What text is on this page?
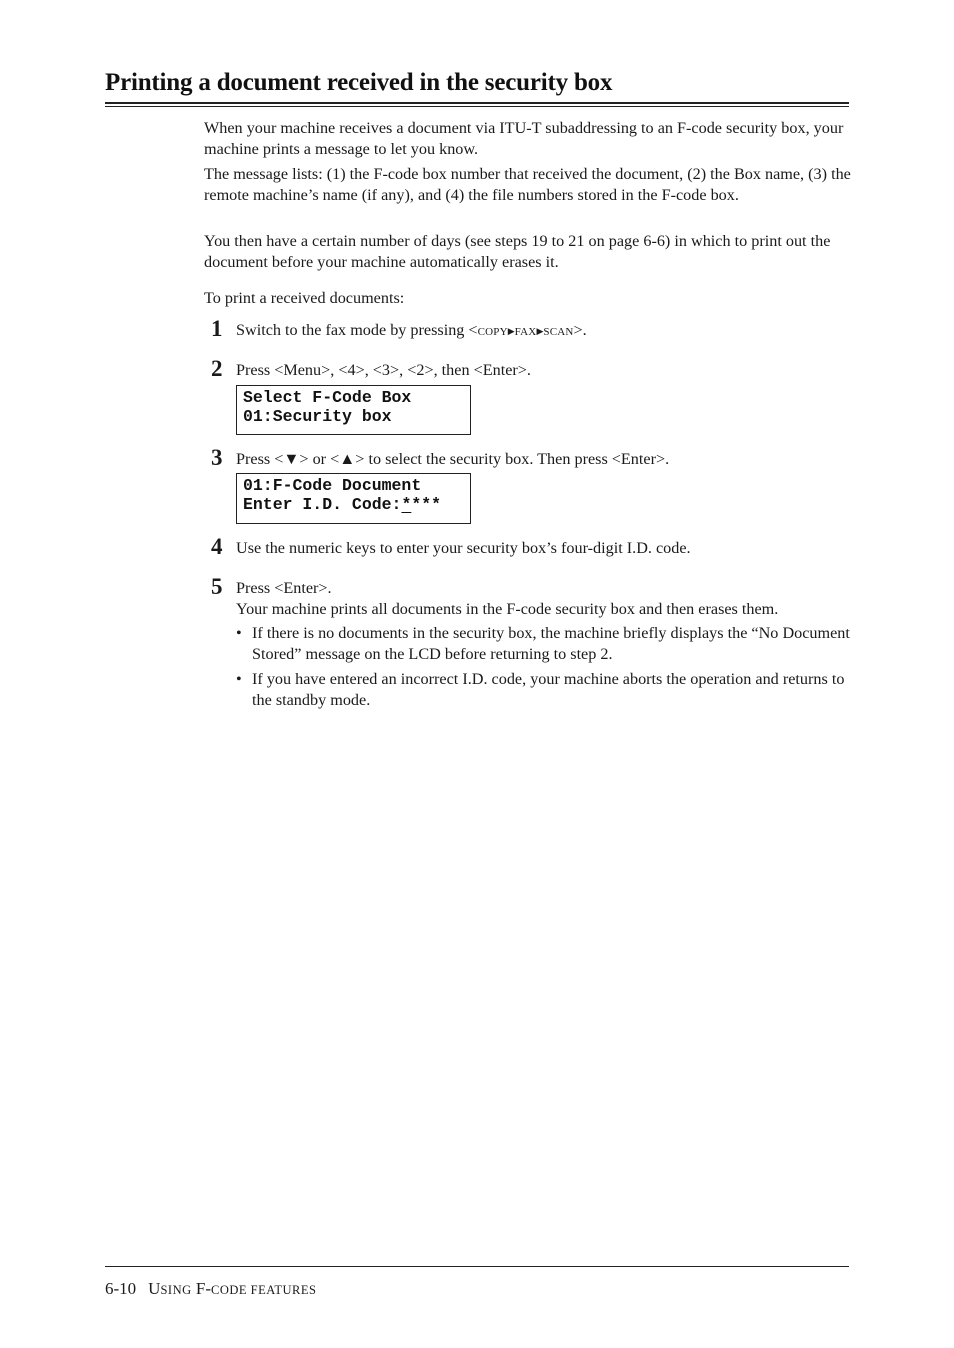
Printing a document received in the security box

When your machine receives a document via ITU-T subaddressing to an F-code security box, your machine prints a message to let you know.

The message lists: (1) the F-code box number that received the document, (2) the Box name, (3) the remote machine’s name (if any), and (4) the file numbers stored in the F-code box.

You then have a certain number of days (see steps 19 to 21 on page 6-6) in which to print out the document before your machine automatically erases it.

To print a received documents:

1 Switch to the fax mode by pressing <COPY▶FAX▶SCAN>.

2 Press <Menu>, <4>, <3>, <2>, then <Enter>.

Select F-Code Box
01:Security box
3 Press <▼> or <▲> to select the security box. Then press <Enter>.

01:F-Code Document
Enter I.D. Code:****
4 Use the numeric keys to enter your security box’s four-digit I.D. code.

5 Press <Enter>.

Your machine prints all documents in the F-code security box and then erases them.

• If there is no documents in the security box, the machine briefly displays the “No Document Stored” message on the LCD before returning to step 2.

• If you have entered an incorrect I.D. code, your machine aborts the operation and returns to the standby mode.

6-10 USING F-CODE FEATURES
